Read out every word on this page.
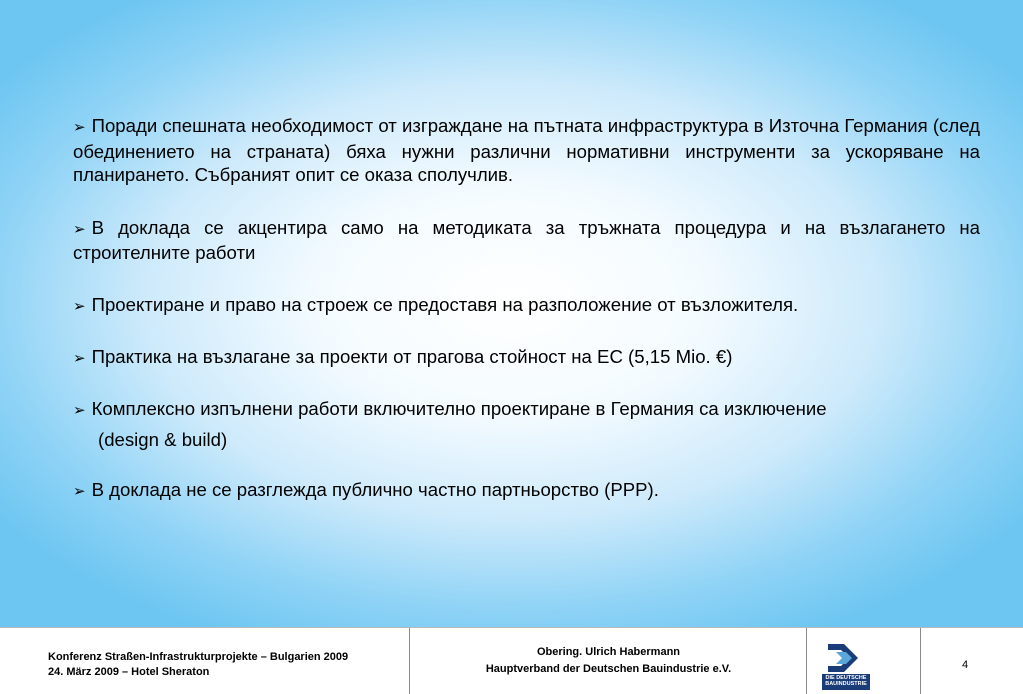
➢ Поради спешната необходимост от изграждане на пътната инфраструктура в Източна Германия (след обединението на страната) бяха нужни различни нормативни инструменти за ускоряване на планирането. Събраният опит се оказа сполучлив.

➢ В доклада се акцентира само на методиката за тръжната процедура и на възлагането на строителните работи

➢ Проектиране и право на строеж се предоставя на разположение от възложителя.

➢ Практика на възлагане за проекти от прагова стойност на ЕС (5,15 Mio. €)

➢ Комплексно изпълнени работи включително проектиране в Германия са изключение
(design & build)

➢ В доклада не се разглежда публично частно партньорство (PPP).

Konferenz Straßen-Infrastrukturprojekte – Bulgarien 2009
24. März 2009 – Hotel Sheraton
Obering. Ulrich Habermann
Hauptverband der Deutschen Bauindustrie e.V.
DIE DEUTSCHE
BAUINDUSTRIE
4
